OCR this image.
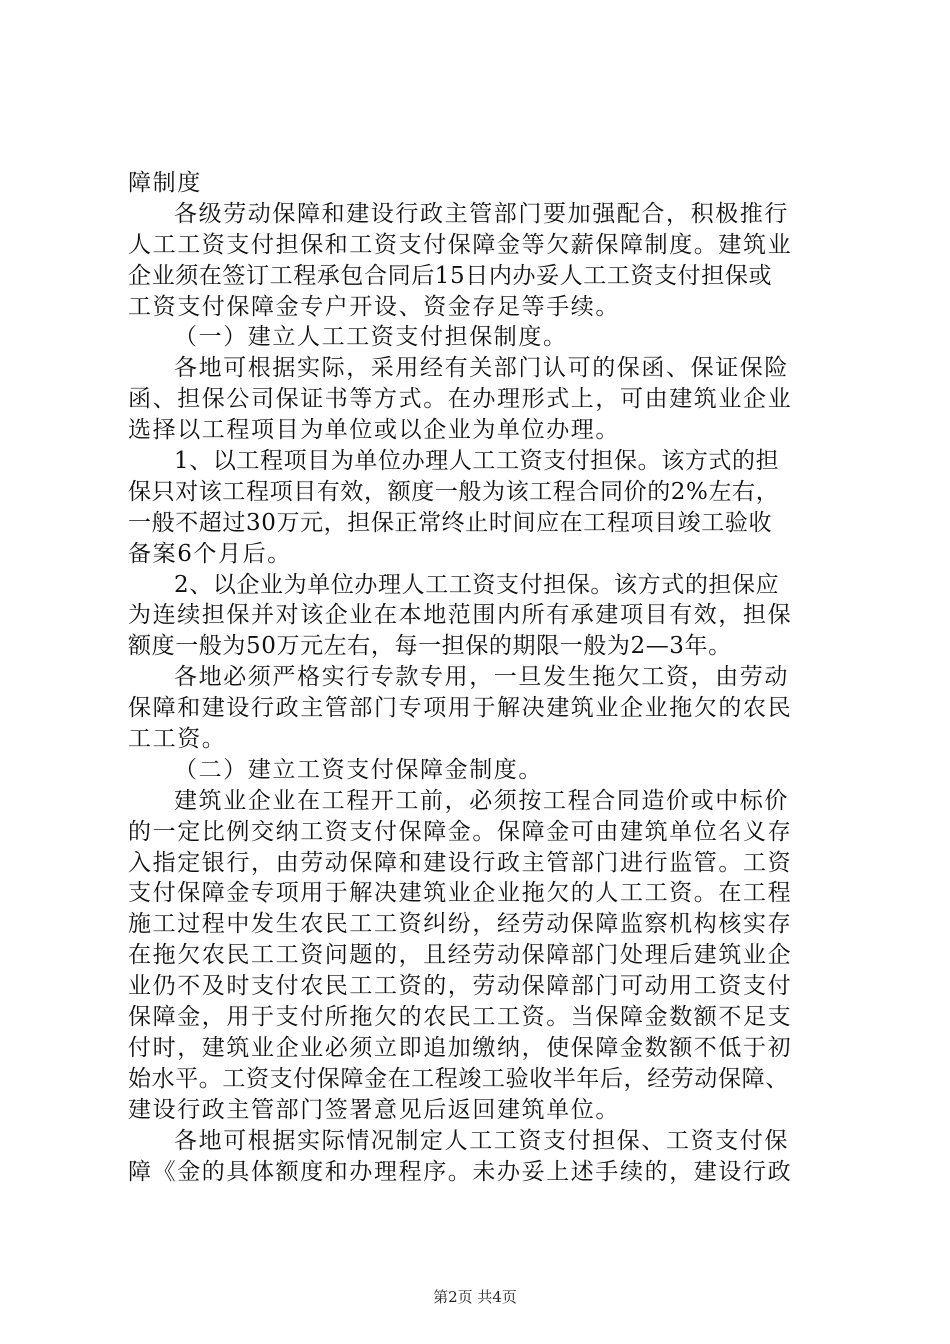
障制度
各级劳动保障和建设行政主管部门要加强配合，积极推行
人工工资支付担保和工资支付保障金等欠薪保障制度。建筑业
企业须在签订工程承包合同后15日内办妥人工工资支付担保或
工资支付保障金专户开设、资金存足等手续。
（一）建立人工工资支付担保制度。
各地可根据实际，采用经有关部门认可的保函、保证保险
函、担保公司保证书等方式。在办理形式上，可由建筑业企业
选择以工程项目为单位或以企业为单位办理。
1、以工程项目为单位办理人工工资支付担保。该方式的担
保只对该工程项目有效，额度一般为该工程合同价的2%左右，
一般不超过30万元，担保正常终止时间应在工程项目竣工验收
备案6个月后。
2、以企业为单位办理人工工资支付担保。该方式的担保应
为连续担保并对该企业在本地范围内所有承建项目有效，担保
额度一般为50万元左右，每一担保的期限一般为2—3年。
各地必须严格实行专款专用，一旦发生拖欠工资，由劳动
保障和建设行政主管部门专项用于解决建筑业企业拖欠的农民
工工资。
（二）建立工资支付保障金制度。
建筑业企业在工程开工前，必须按工程合同造价或中标价
的一定比例交纳工资支付保障金。保障金可由建筑单位名义存
入指定银行，由劳动保障和建设行政主管部门进行监管。工资
支付保障金专项用于解决建筑业企业拖欠的人工工资。在工程
施工过程中发生农民工工资纠纷，经劳动保障监察机构核实存
在拖欠农民工工资问题的，且经劳动保障部门处理后建筑业企
业仍不及时支付农民工工资的，劳动保障部门可动用工资支付
保障金，用于支付所拖欠的农民工工资。当保障金数额不足支
付时，建筑业企业必须立即追加缴纳，使保障金数额不低于初
始水平。工资支付保障金在工程竣工验收半年后，经劳动保障、
建设行政主管部门签署意见后返回建筑单位。
各地可根据实际情况制定人工工资支付担保、工资支付保
障《金的具体额度和办理程序。未办妥上述手续的，建设行政
第2页 共4页
